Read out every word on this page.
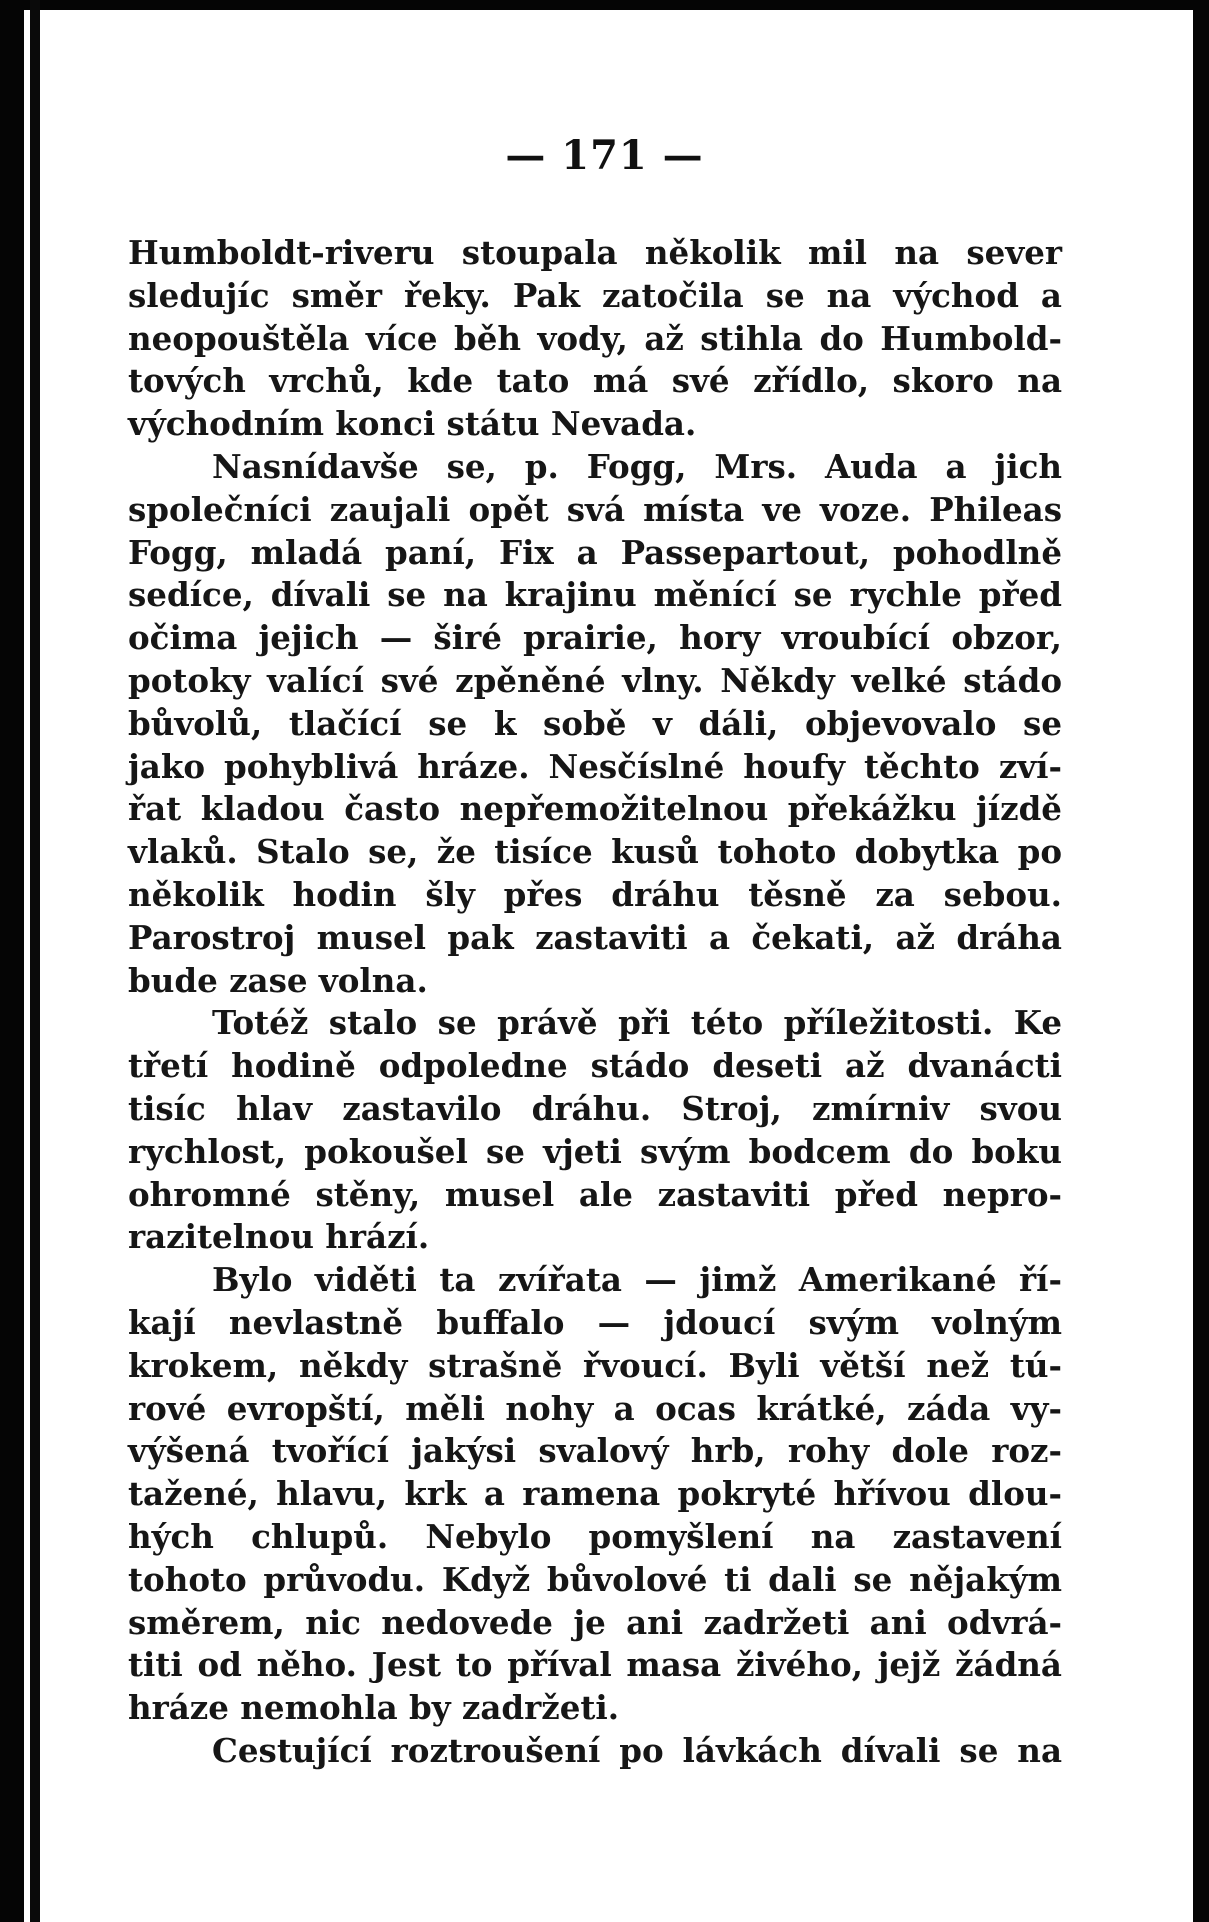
— 171 —
Humboldt-riveru stoupala několik mil na sever
sledujíc směr řeky. Pak zatočila se na východ a
neopouštěla více běh vody, až stihla do Humbold-
tových vrchů, kde tato má své zřídlo, skoro na
východním konci státu Nevada.
Nasnídavše se, p. Fogg, Mrs. Auda a jich
společníci zaujali opět svá místa ve voze. Phileas
Fogg, mladá paní, Fix a Passepartout, pohodlně
sedíce, dívali se na krajinu měnící se rychle před
očima jejich — širé prairie, hory vroubící obzor,
potoky valící své zpěněné vlny. Někdy velké stádo
bůvolů, tlačící se k sobě v dáli, objevovalo se
jako pohyblivá hráze. Nesčíslné houfy těchto zví-
řat kladou často nepřemožitelnou překážku jízdě
vlaků. Stalo se, že tisíce kusů tohoto dobytka po
několik hodin šly přes dráhu těsně za sebou.
Parostroj musel pak zastaviti a čekati, až dráha
bude zase volna.
Totéž stalo se právě při této příležitosti. Ke
třetí hodině odpoledne stádo deseti až dvanácti
tisíc hlav zastavilo dráhu. Stroj, zmírniv svou
rychlost, pokoušel se vjeti svým bodcem do boku
ohromné stěny, musel ale zastaviti před nepro-
razitelnou hrází.
Bylo viděti ta zvířata — jimž Amerikané ří-
kají nevlastně buffalo — jdoucí svým volným
krokem, někdy strašně řvoucí. Byli větší než tú-
rové evropští, měli nohy a ocas krátké, záda vy-
výšená tvořící jakýsi svalový hrb, rohy dole roz-
tažené, hlavu, krk a ramena pokryté hřívou dlou-
hých chlupů. Nebylo pomyšlení na zastavení
tohoto průvodu. Když bůvolové ti dali se nějakým
směrem, nic nedovede je ani zadržeti ani odvrá-
titi od něho. Jest to příval masa živého, jejž žádná
hráze nemohla by zadržeti.
Cestující roztroušení po lávkách dívali se na
